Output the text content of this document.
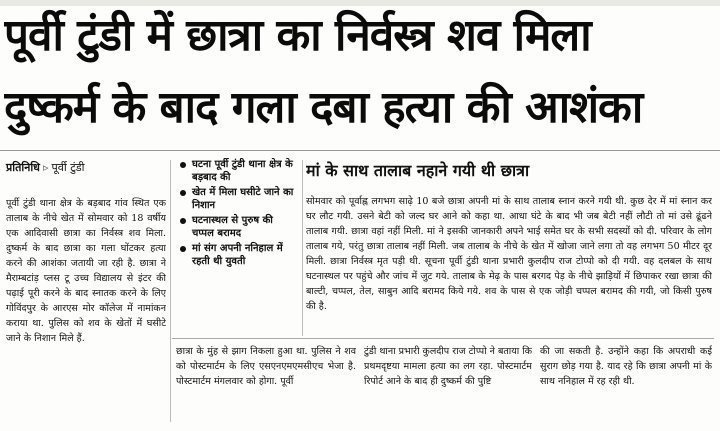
पूर्वी टुंडी में छात्रा का निर्वस्त्र शव मिला
दुष्कर्म के बाद गला दबा हत्या की आशंका
प्रतिनिधि ▹ पूर्वी टुंडी

पूर्वी टुंडी थाना क्षेत्र के बड़बाद गांव स्थित एक तालाब के नीचे खेत में सोमवार को 18 वर्षीय एक आदिवासी छात्रा का निर्वस्त्र शव मिला. दुष्कर्म के बाद छात्रा का गला घोंटकर हत्या करने की आशंका जतायी जा रही है. छात्रा ने मैराम्बटांड़ प्लस टू उच्च विद्यालय से इंटर की पढ़ाई पूरी करने के बाद स्नातक करने के लिए गोविंदपुर के आरएस मोर कॉलेज में नामांकन कराया था. पुलिस को शव के खेतों में घसीटे जाने के निशान मिले हैं.

घटना पूर्वी टुंडी थाना क्षेत्र के बड़बाद की
खेत में मिला घसीटे जाने का निशान
घटनास्थल से पुरुष की चप्पल बरामद
मां संग अपनी ननिहाल में रहती थी युवती
मां के साथ तालाब नहाने गयी थी छात्रा

सोमवार को पूर्वाह्न लगभग साढ़े 10 बजे छात्रा अपनी मां के साथ तालाब स्नान करने गयी थी. कुछ देर में मां स्नान कर घर लौट गयी. उसने बेटी को जल्द घर आने को कहा था. आधा घंटे के बाद भी जब बेटी नहीं लौटी तो मां उसे ढूंढने तालाब गयी. छात्रा वहां नहीं मिली. मां ने इसकी जानकारी अपने भाई समेत घर के सभी सदस्यों को दी. परिवार के लोग तालाब गये, परंतु छात्रा तालाब नहीं मिली. जब तालाब के नीचे के खेत में खोजा जाने लगा तो वह लगभग 50 मीटर दूर मिली. छात्रा निर्वस्त्र मृत पड़ी थी. सूचना पूर्वी टुंडी थाना प्रभारी कुलदीप राज टोप्पो को दी गयी. वह दलबल के साथ घटनास्थल पर पहुंचे और जांच में जुट गये. तालाब के मेढ़ के पास बरगद पेड़ के नीचे झाड़ियों में छिपाकर रखा छात्रा की बाल्टी, चप्पल, तेल, साबुन आदि बरामद किये गये. शव के पास से एक जोड़ी चप्पल बरामद की गयी, जो किसी पुरुष की है.

छात्रा के मुंह से झाग निकला हुआ था. पुलिस ने शव को पोस्टमार्टम के लिए एसएनएमएमसीएच भेजा है. पोस्टमार्टम मंगलवार को होगा. पूर्वी

टुंडी थाना प्रभारी कुलदीप राज टोप्पो ने बताया कि प्रथमदृष्टया मामला हत्या का लग रहा. पोस्टमार्टम रिपोर्ट आने के बाद ही दुष्कर्म की पुष्टि

की जा सकती है. उन्होंने कहा कि अपराधी कई सुराग छोड़ गया है. याद रहे कि छात्रा अपनी मां के साथ ननिहाल में रह रही थी.
